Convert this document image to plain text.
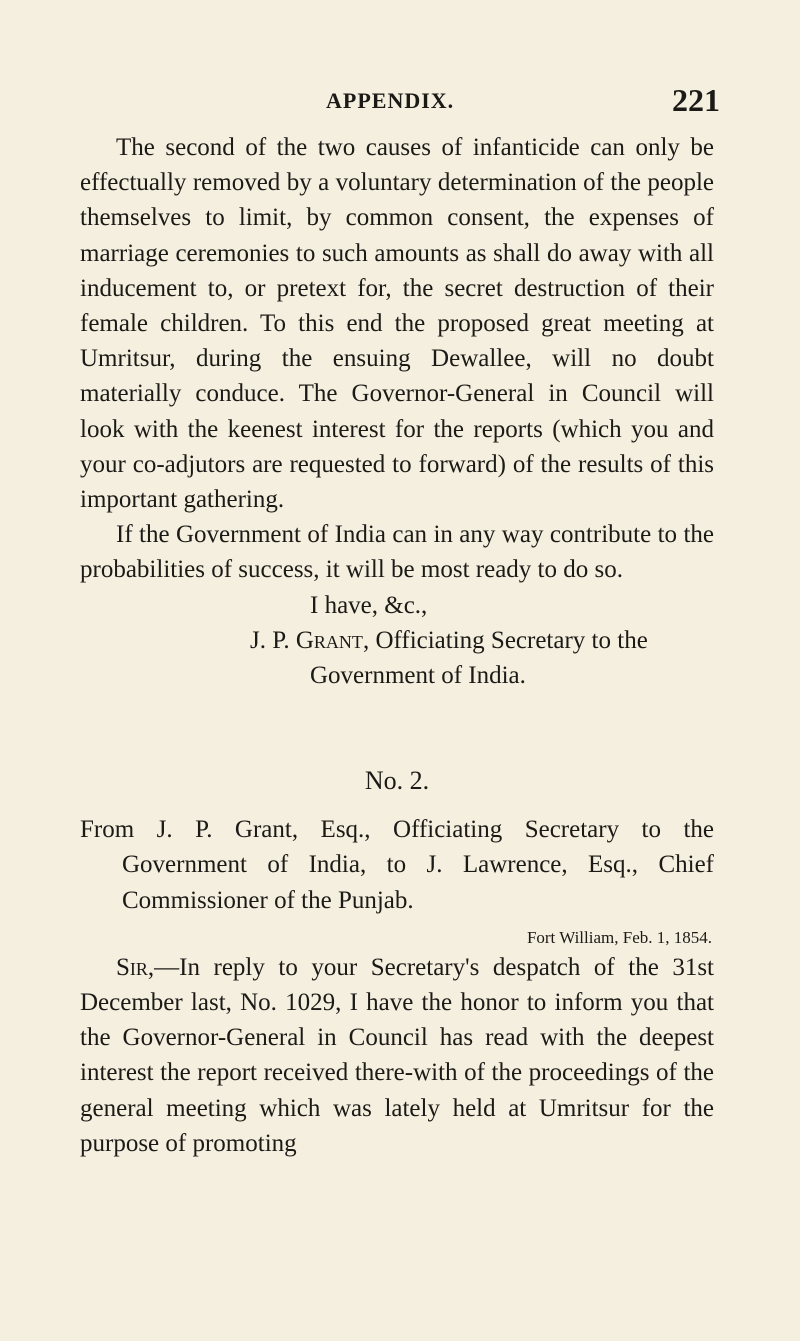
APPENDIX.	221

The second of the two causes of infanticide can only be effectually removed by a voluntary determination of the people themselves to limit, by common consent, the expenses of marriage ceremonies to such amounts as shall do away with all inducement to, or pretext for, the secret destruction of their female children. To this end the proposed great meeting at Umritsur, during the ensuing Dewallee, will no doubt materially conduce. The Governor-General in Council will look with the keenest interest for the reports (which you and your co-adjutors are requested to forward) of the results of this important gathering.

If the Government of India can in any way contribute to the probabilities of success, it will be most ready to do so.

I have, &c.,

J. P. Grant, Officiating Secretary to the

Government of India.

No. 2.

From J. P. Grant, Esq., Officiating Secretary to the Government of India, to J. Lawrence, Esq., Chief Commissioner of the Punjab.

Fort William, Feb. 1, 1854.

Sir,—In reply to your Secretary's despatch of the 31st December last, No. 1029, I have the honor to inform you that the Governor-General in Council has read with the deepest interest the report received there-with of the proceedings of the general meeting which was lately held at Umritsur for the purpose of promoting
